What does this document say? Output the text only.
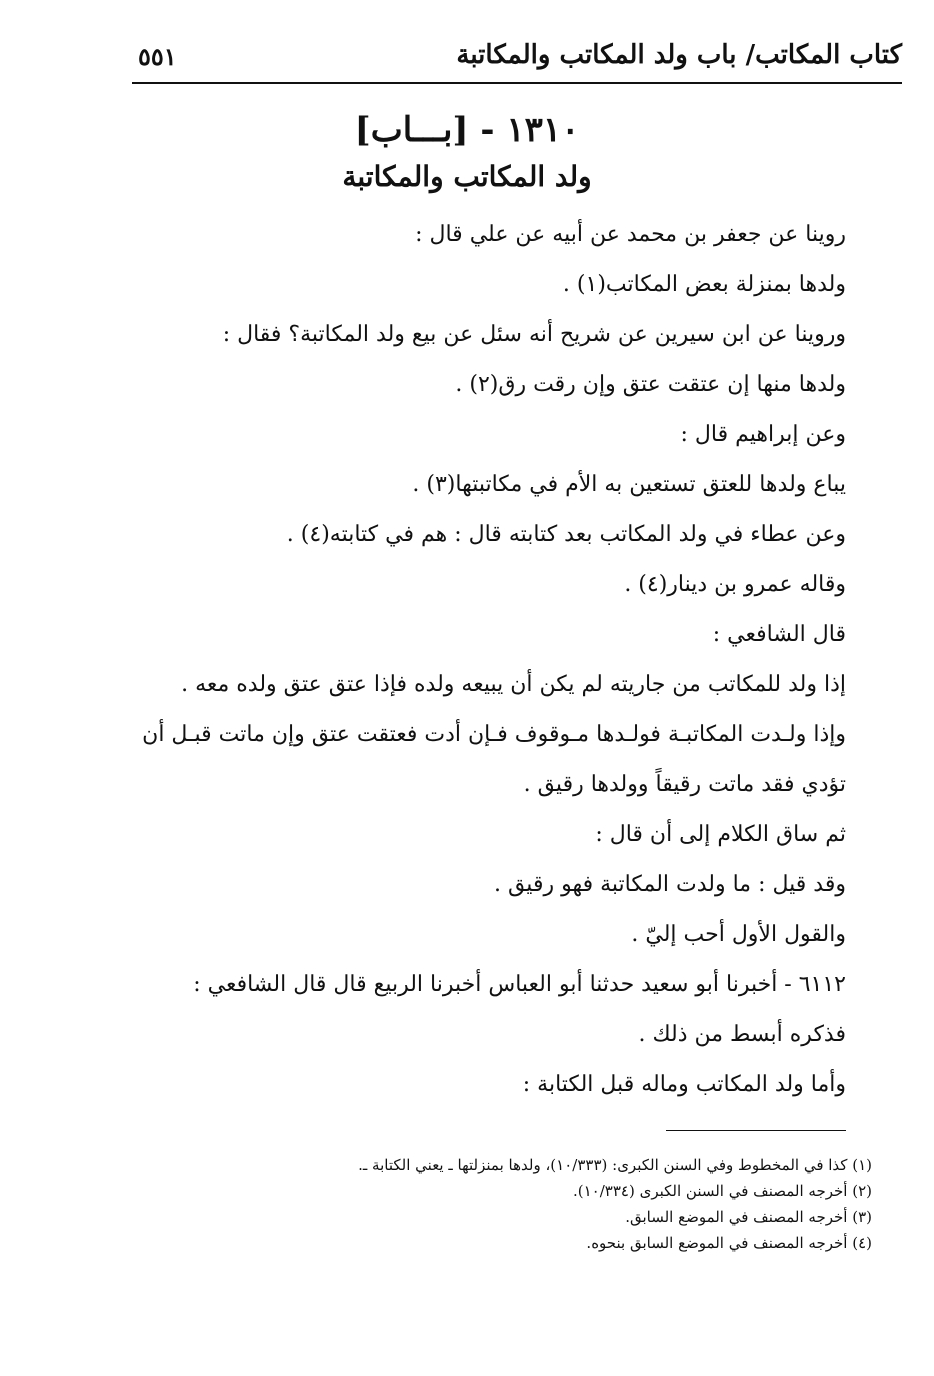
كتاب المكاتب/ باب ولد المكاتب والمكاتبة
٥٥١
١٣١٠ - [بـــاب]
ولد المكاتب والمكاتبة

روينا عن جعفر بن محمد عن أبيه عن علي قال :

ولدها بمنزلة بعض المكاتب(١) .

وروينا عن ابن سيرين عن شريح أنه سئل عن بيع ولد المكاتبة؟ فقال :

ولدها منها إن عتقت عتق وإن رقت رق(٢) .

وعن إبراهيم قال :

يباع ولدها للعتق تستعين به الأم في مكاتبتها(٣) .

وعن عطاء في ولد المكاتب بعد كتابته قال : هم في كتابته(٤) .

وقاله عمرو بن دينار(٤) .

قال الشافعي :

إذا ولد للمكاتب من جاريته لم يكن أن يبيعه ولده فإذا عتق عتق ولده معه .

وإذا ولـدت المكاتبـة فولـدها مـوقوف فـإن أدت فعتقت عتق وإن ماتت قبـل أن تؤدي فقد ماتت رقيقاً وولدها رقيق .

ثم ساق الكلام إلى أن قال :

وقد قيل : ما ولدت المكاتبة فهو رقيق .

والقول الأول أحب إليّ .

٦١١٢ - أخبرنا أبو سعيد حدثنا أبو العباس أخبرنا الربيع قال قال الشافعي :

فذكره أبسط من ذلك .

وأما ولد المكاتب وماله قبل الكتابة :

(١) كذا في المخطوط وفي السنن الكبرى: (١٠/٣٣٣)، ولدها بمنزلتها ـ يعني الكتابة ـ.

(٢) أخرجه المصنف في السنن الكبرى (١٠/٣٣٤).

(٣) أخرجه المصنف في الموضع السابق.

(٤) أخرجه المصنف في الموضع السابق بنحوه.
